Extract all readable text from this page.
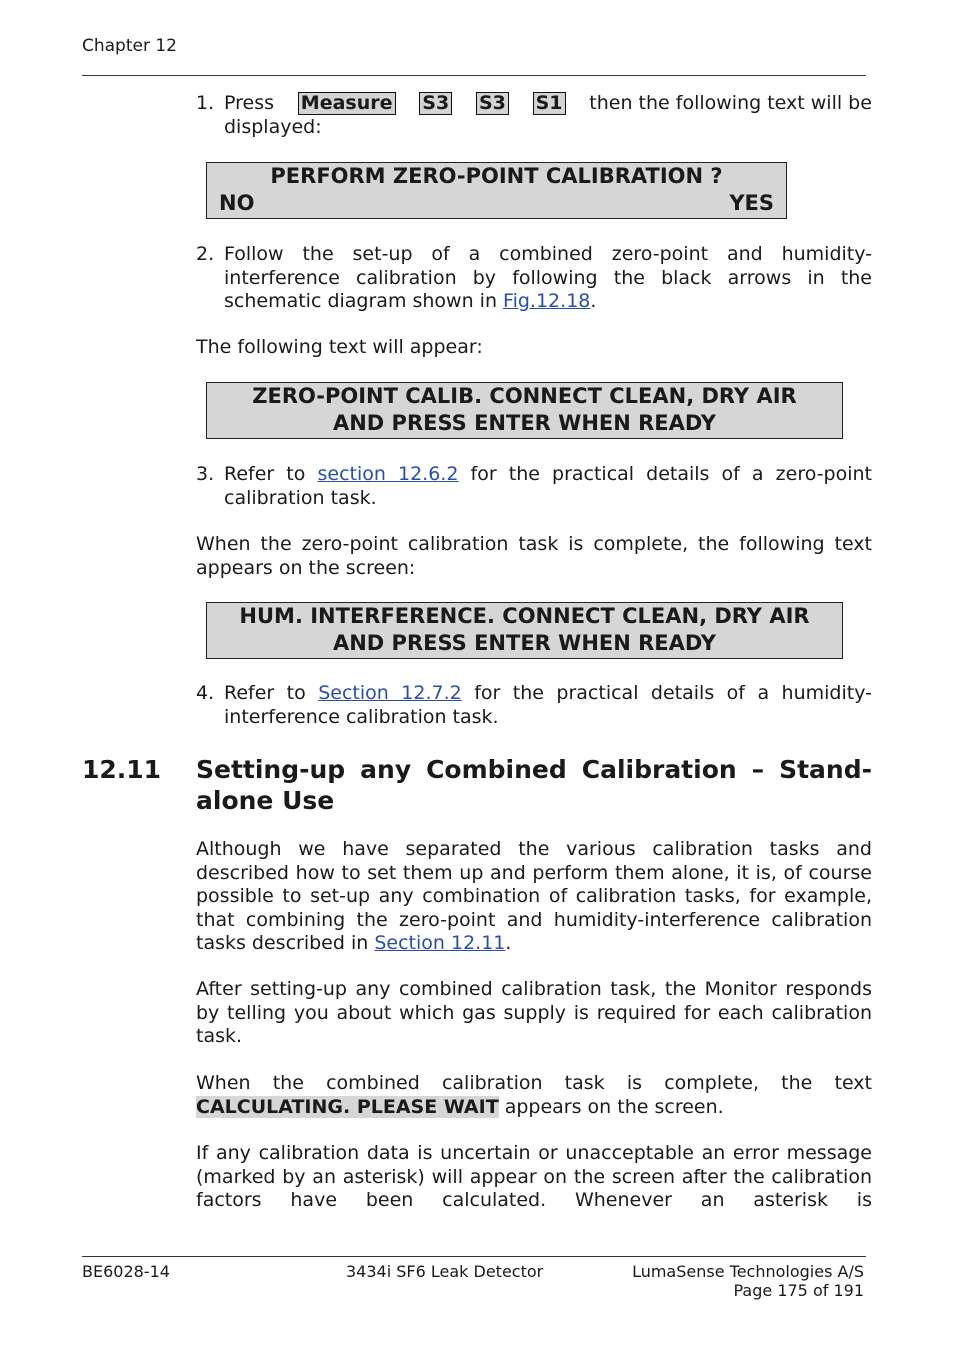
Chapter 12
1. Press Measure S3 S3 S1 then the following text will be
displayed:
PERFORM ZERO-POINT CALIBRATION ?
NO	YES
2. Follow the set-up of a combined zero-point and humidity-interference calibration by following the black arrows in the schematic diagram shown in Fig.12.18.
The following text will appear:
ZERO-POINT CALIB. CONNECT CLEAN, DRY AIR
AND PRESS ENTER WHEN READY
3. Refer to section 12.6.2 for the practical details of a zero-point calibration task.
When the zero-point calibration task is complete, the following text appears on the screen:
HUM. INTERFERENCE. CONNECT CLEAN, DRY AIR
AND PRESS ENTER WHEN READY
4. Refer to Section 12.7.2 for the practical details of a humidity-interference calibration task.
12.11 Setting-up any Combined Calibration – Stand-alone Use
Although we have separated the various calibration tasks and described how to set them up and perform them alone, it is, of course possible to set-up any combination of calibration tasks, for example, that combining the zero-point and humidity-interference calibration tasks described in Section 12.11.
After setting-up any combined calibration task, the Monitor responds by telling you about which gas supply is required for each calibration task.
When the combined calibration task is complete, the text CALCULATING. PLEASE WAIT appears on the screen.
If any calibration data is uncertain or unacceptable an error message (marked by an asterisk) will appear on the screen after the calibration factors have been calculated. Whenever an asterisk is
BE6028-14	3434i SF6 Leak Detector	LumaSense Technologies A/S
Page 175 of 191
